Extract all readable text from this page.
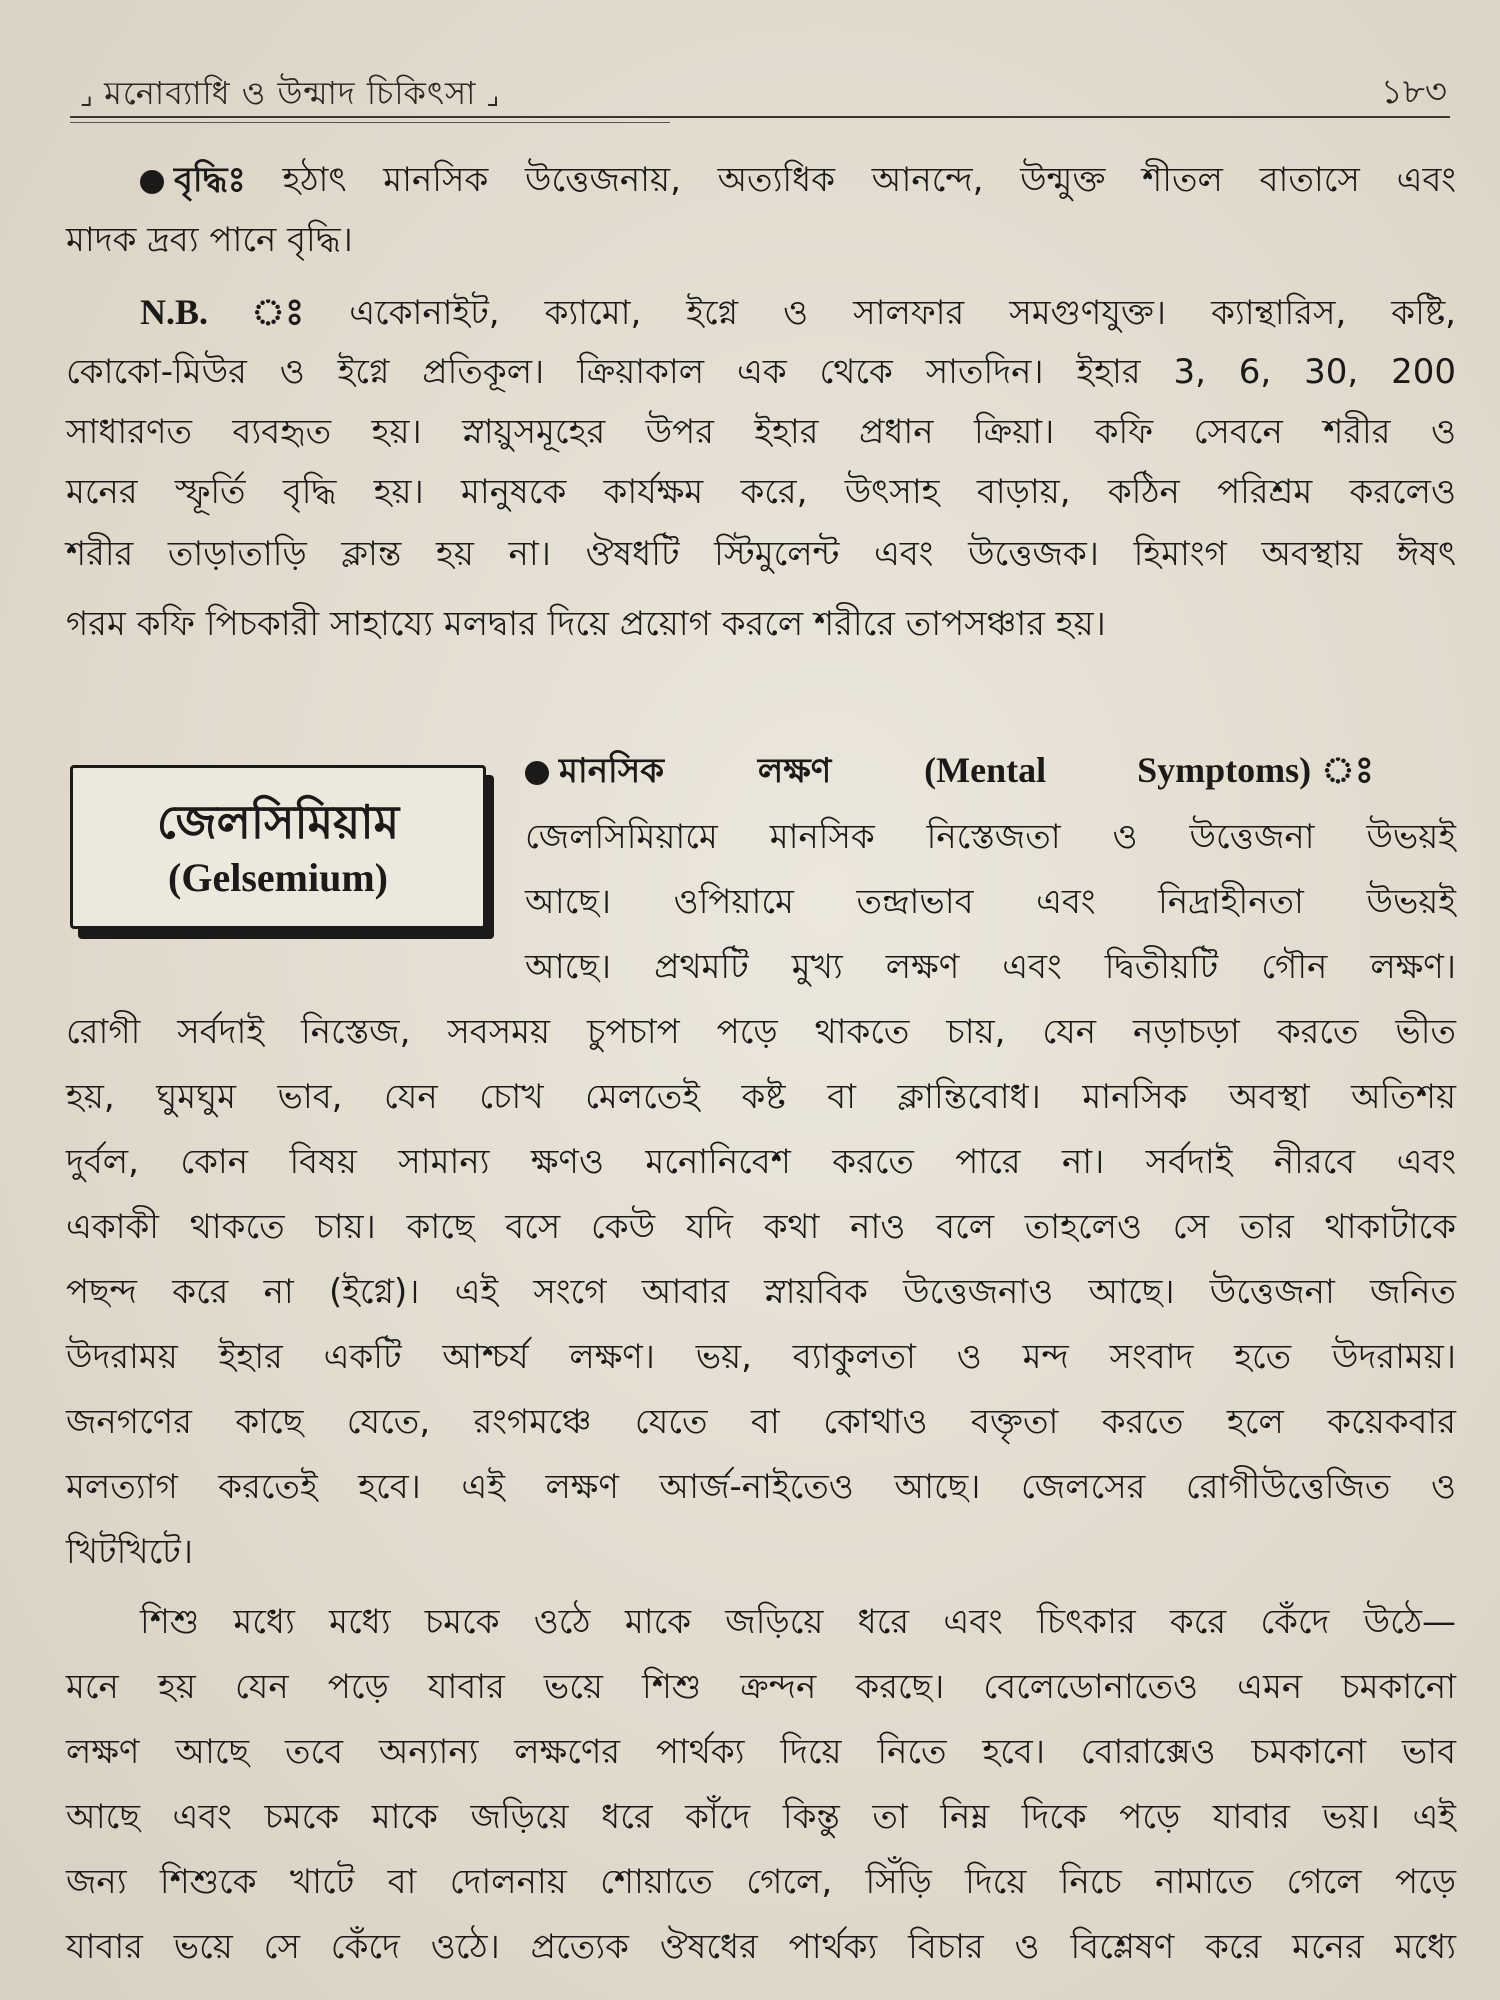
⌟ মনোব্যাধি ও উন্মাদ চিকিৎসা ⌟	১৮৩

বৃদ্ধিঃ হঠাৎ মানসিক উত্তেজনায়, অত্যধিক আনন্দে, উন্মুক্ত শীতল বাতাসে এবং

মাদক দ্রব্য পানে বৃদ্ধি।

N.B. ঃ একোনাইট, ক্যামো, ইগ্নে ও সালফার সমগুণযুক্ত। ক্যান্থারিস, কষ্টি,

কোকো-মিউর ও ইগ্নে প্রতিকূল। ক্রিয়াকাল এক থেকে সাতদিন। ইহার 3, 6, 30, 200

সাধারণত ব্যবহৃত হয়। স্নায়ুসমূহের উপর ইহার প্রধান ক্রিয়া। কফি সেবনে শরীর ও

মনের স্ফূর্তি বৃদ্ধি হয়। মানুষকে কার্যক্ষম করে, উৎসাহ বাড়ায়, কঠিন পরিশ্রম করলেও

শরীর তাড়াতাড়ি ক্লান্ত হয় না। ঔষধটি স্টিমুলেন্ট এবং উত্তেজক। হিমাংগ অবস্থায় ঈষৎ

গরম কফি পিচকারী সাহায্যে মলদ্বার দিয়ে প্রয়োগ করলে শরীরে তাপসঞ্চার হয়।

জেলসিমিয়াম
(Gelsemium)

মানসিক লক্ষণ	(Mental Symptoms) ঃ

জেলসিমিয়ামে মানসিক নিস্তেজতা ও উত্তেজনা উভয়ই

আছে। ওপিয়ামে তন্দ্রাভাব এবং নিদ্রাহীনতা উভয়ই

আছে। প্রথমটি মুখ্য লক্ষণ এবং দ্বিতীয়টি গৌন লক্ষণ।

রোগী সর্বদাই নিস্তেজ, সবসময় চুপচাপ পড়ে থাকতে চায়, যেন নড়াচড়া করতে ভীত

হয়, ঘুমঘুম ভাব, যেন চোখ মেলতেই কষ্ট বা ক্লান্তিবোধ। মানসিক অবস্থা অতিশয়

দুর্বল, কোন বিষয় সামান্য ক্ষণও মনোনিবেশ করতে পারে না। সর্বদাই নীরবে এবং

একাকী থাকতে চায়। কাছে বসে কেউ যদি কথা নাও বলে তাহলেও সে তার থাকাটাকে

পছন্দ করে না (ইগ্নে)। এই সংগে আবার স্নায়বিক উত্তেজনাও আছে। উত্তেজনা জনিত

উদরাময় ইহার একটি আশ্চর্য লক্ষণ। ভয়, ব্যাকুলতা ও মন্দ সংবাদ হতে উদরাময়।

জনগণের কাছে যেতে, রংগমঞ্চে যেতে বা কোথাও বক্তৃতা করতে হলে কয়েকবার

মলত্যাগ করতেই হবে। এই লক্ষণ আর্জ-নাইতেও আছে। জেলসের রোগীউত্তেজিত ও

খিটখিটে।

শিশু মধ্যে মধ্যে চমকে ওঠে মাকে জড়িয়ে ধরে এবং চিৎকার করে কেঁদে উঠে—

মনে হয় যেন পড়ে যাবার ভয়ে শিশু ক্রন্দন করছে। বেলেডোনাতেও এমন চমকানো

লক্ষণ আছে তবে অন্যান্য লক্ষণের পার্থক্য দিয়ে নিতে হবে। বোরাক্সেও চমকানো ভাব

আছে এবং চমকে মাকে জড়িয়ে ধরে কাঁদে কিন্তু তা নিম্ন দিকে পড়ে যাবার ভয়। এই

জন্য শিশুকে খাটে বা দোলনায় শোয়াতে গেলে, সিঁড়ি দিয়ে নিচে নামাতে গেলে পড়ে

যাবার ভয়ে সে কেঁদে ওঠে। প্রত্যেক ঔষধের পার্থক্য বিচার ও বিশ্লেষণ করে মনের মধ্যে
